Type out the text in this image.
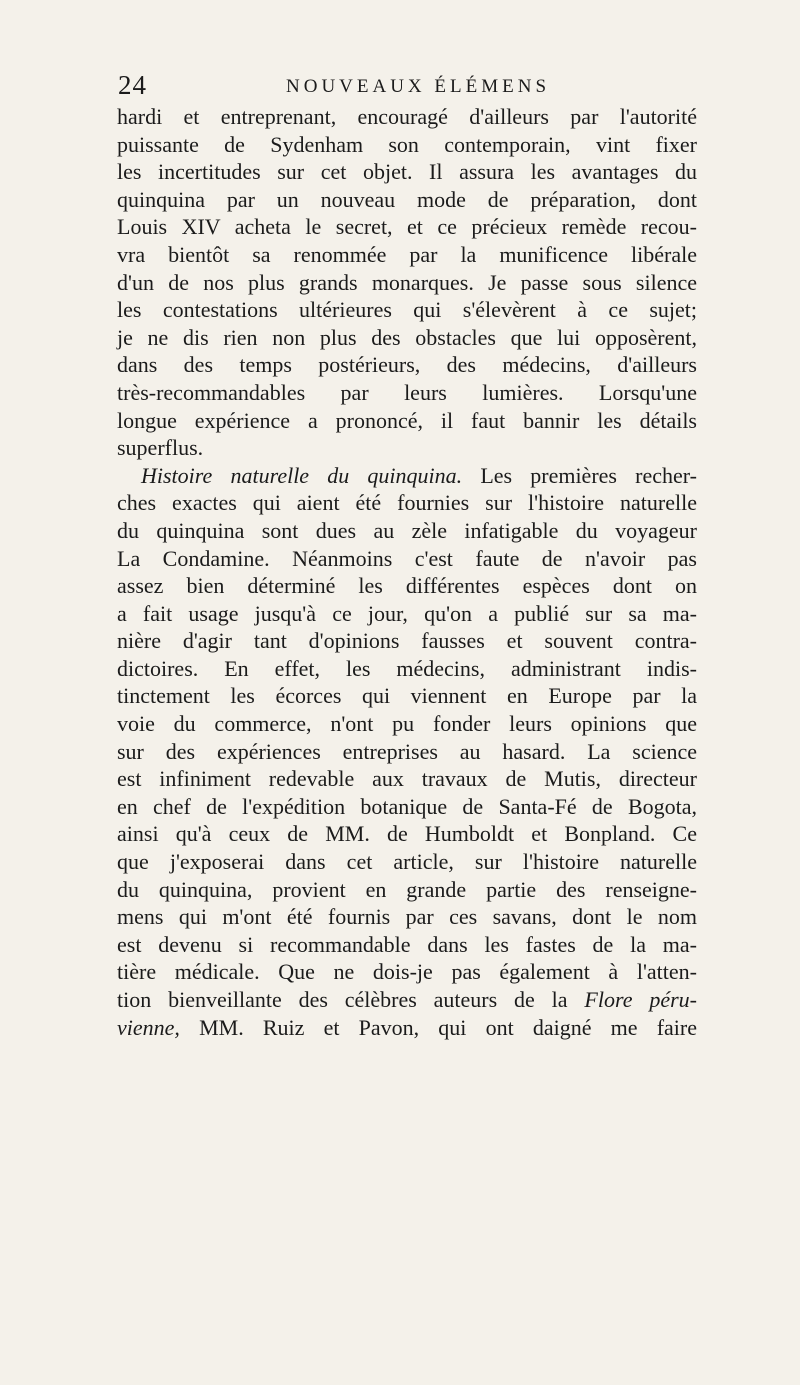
24	NOUVEAUX ÉLÉMENS
hardi et entreprenant, encouragé d'ailleurs par l'autorité
puissante de Sydenham son contemporain, vint fixer
les incertitudes sur cet objet. Il assura les avantages du
quinquina par un nouveau mode de préparation, dont
Louis XIV acheta le secret, et ce précieux remède recou-
vra bientôt sa renommée par la munificence libérale
d'un de nos plus grands monarques. Je passe sous silence
les contestations ultérieures qui s'élevèrent à ce sujet;
je ne dis rien non plus des obstacles que lui opposèrent,
dans des temps postérieurs, des médecins, d'ailleurs
très-recommandables par leurs lumières. Lorsqu'une
longue expérience a prononcé, il faut bannir les détails
superflus.
Histoire naturelle du quinquina. Les premières recher-
ches exactes qui aient été fournies sur l'histoire naturelle
du quinquina sont dues au zèle infatigable du voyageur
La Condamine. Néanmoins c'est faute de n'avoir pas
assez bien déterminé les différentes espèces dont on
a fait usage jusqu'à ce jour, qu'on a publié sur sa ma-
nière d'agir tant d'opinions fausses et souvent contra-
dictoires. En effet, les médecins, administrant indis-
tinctement les écorces qui viennent en Europe par la
voie du commerce, n'ont pu fonder leurs opinions que
sur des expériences entreprises au hasard. La science
est infiniment redevable aux travaux de Mutis, directeur
en chef de l'expédition botanique de Santa-Fé de Bogota,
ainsi qu'à ceux de MM. de Humboldt et Bonpland. Ce
que j'exposerai dans cet article, sur l'histoire naturelle
du quinquina, provient en grande partie des renseigne-
mens qui m'ont été fournis par ces savans, dont le nom
est devenu si recommandable dans les fastes de la ma-
tière médicale. Que ne dois-je pas également à l'atten-
tion bienveillante des célèbres auteurs de la Flore péru-
vienne, MM. Ruiz et Pavon, qui ont daigné me faire
